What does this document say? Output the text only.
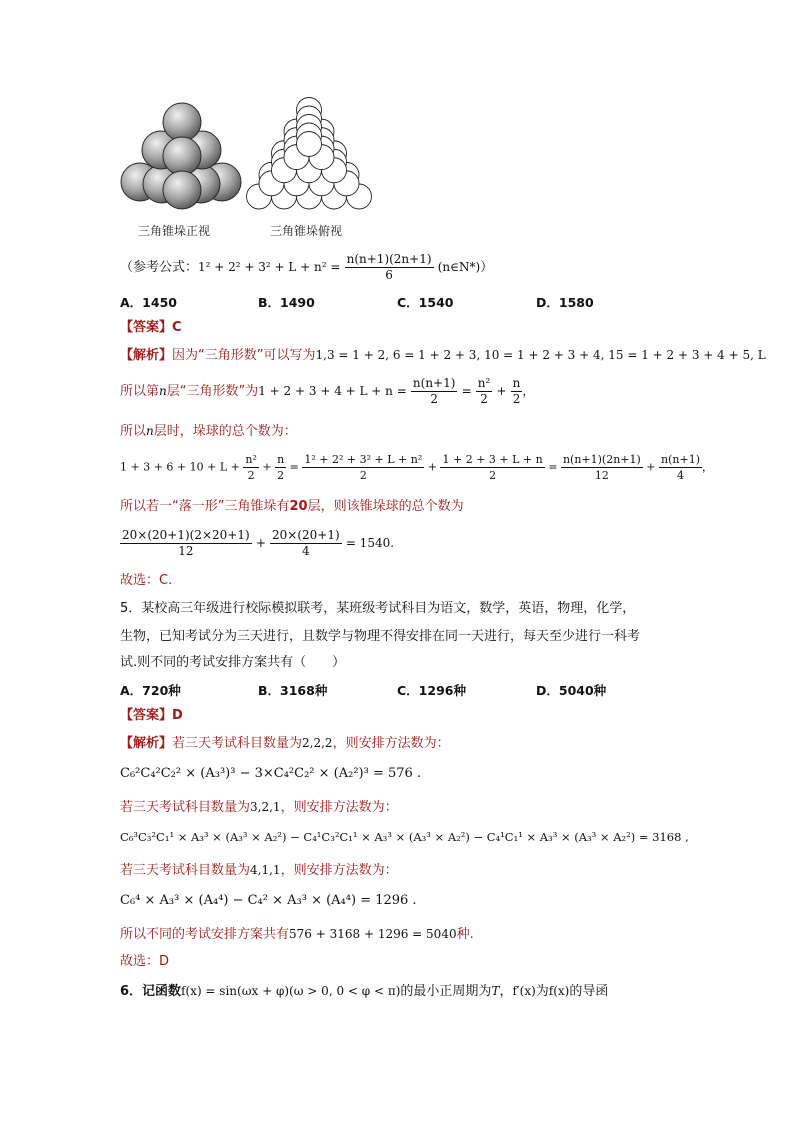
三角锥垛正视	三角锥垛俯视
（参考公式：$1^2 + 2^2 + 3^2 + L + n^2 = \frac{n(n+1)(2n+1)}{6}$ (n∈N*)）
A．1450	B．1490	C．1540	D．1580
【答案】C
【解析】因为“三角形数”可以写为1,3 = 1 + 2, 6 = 1 + 2 + 3, 10 = 1 + 2 + 3 + 4, 15 = 1 + 2 + 3 + 4 + 5, L
所以第n层“三角形数”为$1 + 2 + 3 + 4 + L + n = \frac{n(n+1)}{2} = \frac{\text{n²}}{2} + \frac{n}{2}$ ，
所以n层时，垛球的总个数为：
$1 + 3 + 6 + 10 + L + \frac{\text{n²}}{2} + \frac{n}{2} = \frac{\text{1² + 2² + 3² + L + n²}}{2} + \frac{1 + 2 + 3 + L + n}{2} = \frac{n(n+1)(2n+1)}{12} + \frac{n(n+1)}{4}$ ，
所以若一“落一形”三角锥垛有20层，则该锥垛球的总个数为
$\frac{20\times(20+1)(2\times 20+1)}{12} + \frac{20\times(20+1)}{4} = 1540$.
故选：C.
5．某校高三年级进行校际模拟联考，某班级考试科目为语文，数学，英语，物理，化学，
生物，已知考试分为三天进行，且数学与物理不得安排在同一天进行，每天至少进行一科考
试.则不同的考试安排方案共有（　　）
A．720种	B．3168种	C．1296种	D．5040种
【答案】D
【解析】若三天考试科目数量为2,2,2，则安排方法数为：
C₆²C₄²C₂² × (A₃³)³ − 3×C₄²C₂² × (A₂²)³ = 576 .
若三天考试科目数量为3,2,1，则安排方法数为：
C₆³C₃²C₁¹ × A₃³ × (A₃³ × A₂²) − C₄¹C₃²C₁¹ × A₃³ × (A₃³ × A₂²) − C₄¹C₁¹ × A₃³ × (A₃³ × A₂²) = 3168 ,
若三天考试科目数量为4,1,1，则安排方法数为：
C₆⁴ × A₃³ × (A₄⁴) − C₄² × A₃³ × (A₄⁴) = 1296 .
所以不同的考试安排方案共有576 + 3168 + 1296 = 5040种.
故选：D
6．记函数f(x) = sin(ωx + φ)(ω > 0, 0 < φ < π)的最小正周期为T，f′(x)为f(x)的导函
